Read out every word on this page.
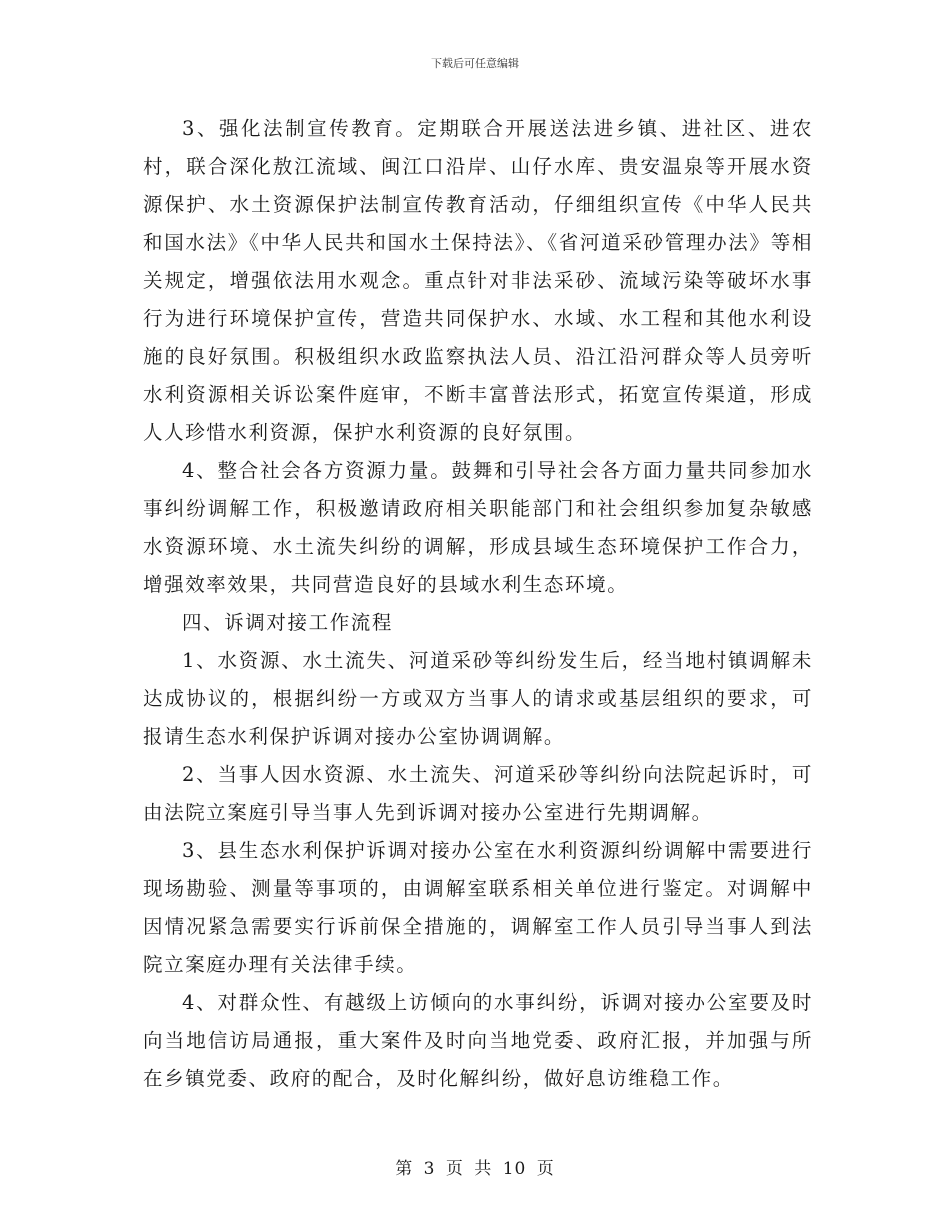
下载后可任意编辑

3、强化法制宣传教育。定期联合开展送法进乡镇、进社区、进农村，联合深化敖江流域、闽江口沿岸、山仔水库、贵安温泉等开展水资源保护、水土资源保护法制宣传教育活动，仔细组织宣传《中华人民共和国水法》《中华人民共和国水土保持法》、《省河道采砂管理办法》等相关规定，增强依法用水观念。重点针对非法采砂、流域污染等破坏水事行为进行环境保护宣传，营造共同保护水、水域、水工程和其他水利设施的良好氛围。积极组织水政监察执法人员、沿江沿河群众等人员旁听水利资源相关诉讼案件庭审，不断丰富普法形式，拓宽宣传渠道，形成人人珍惜水利资源，保护水利资源的良好氛围。

4、整合社会各方资源力量。鼓舞和引导社会各方面力量共同参加水事纠纷调解工作，积极邀请政府相关职能部门和社会组织参加复杂敏感水资源环境、水土流失纠纷的调解，形成县域生态环境保护工作合力，增强效率效果，共同营造良好的县域水利生态环境。

四、诉调对接工作流程

1、水资源、水土流失、河道采砂等纠纷发生后，经当地村镇调解未达成协议的，根据纠纷一方或双方当事人的请求或基层组织的要求，可报请生态水利保护诉调对接办公室协调调解。

2、当事人因水资源、水土流失、河道采砂等纠纷向法院起诉时，可由法院立案庭引导当事人先到诉调对接办公室进行先期调解。

3、县生态水利保护诉调对接办公室在水利资源纠纷调解中需要进行现场勘验、测量等事项的，由调解室联系相关单位进行鉴定。对调解中因情况紧急需要实行诉前保全措施的，调解室工作人员引导当事人到法院立案庭办理有关法律手续。

4、对群众性、有越级上访倾向的水事纠纷，诉调对接办公室要及时向当地信访局通报，重大案件及时向当地党委、政府汇报，并加强与所在乡镇党委、政府的配合，及时化解纠纷，做好息访维稳工作。

第 3 页 共 10 页
